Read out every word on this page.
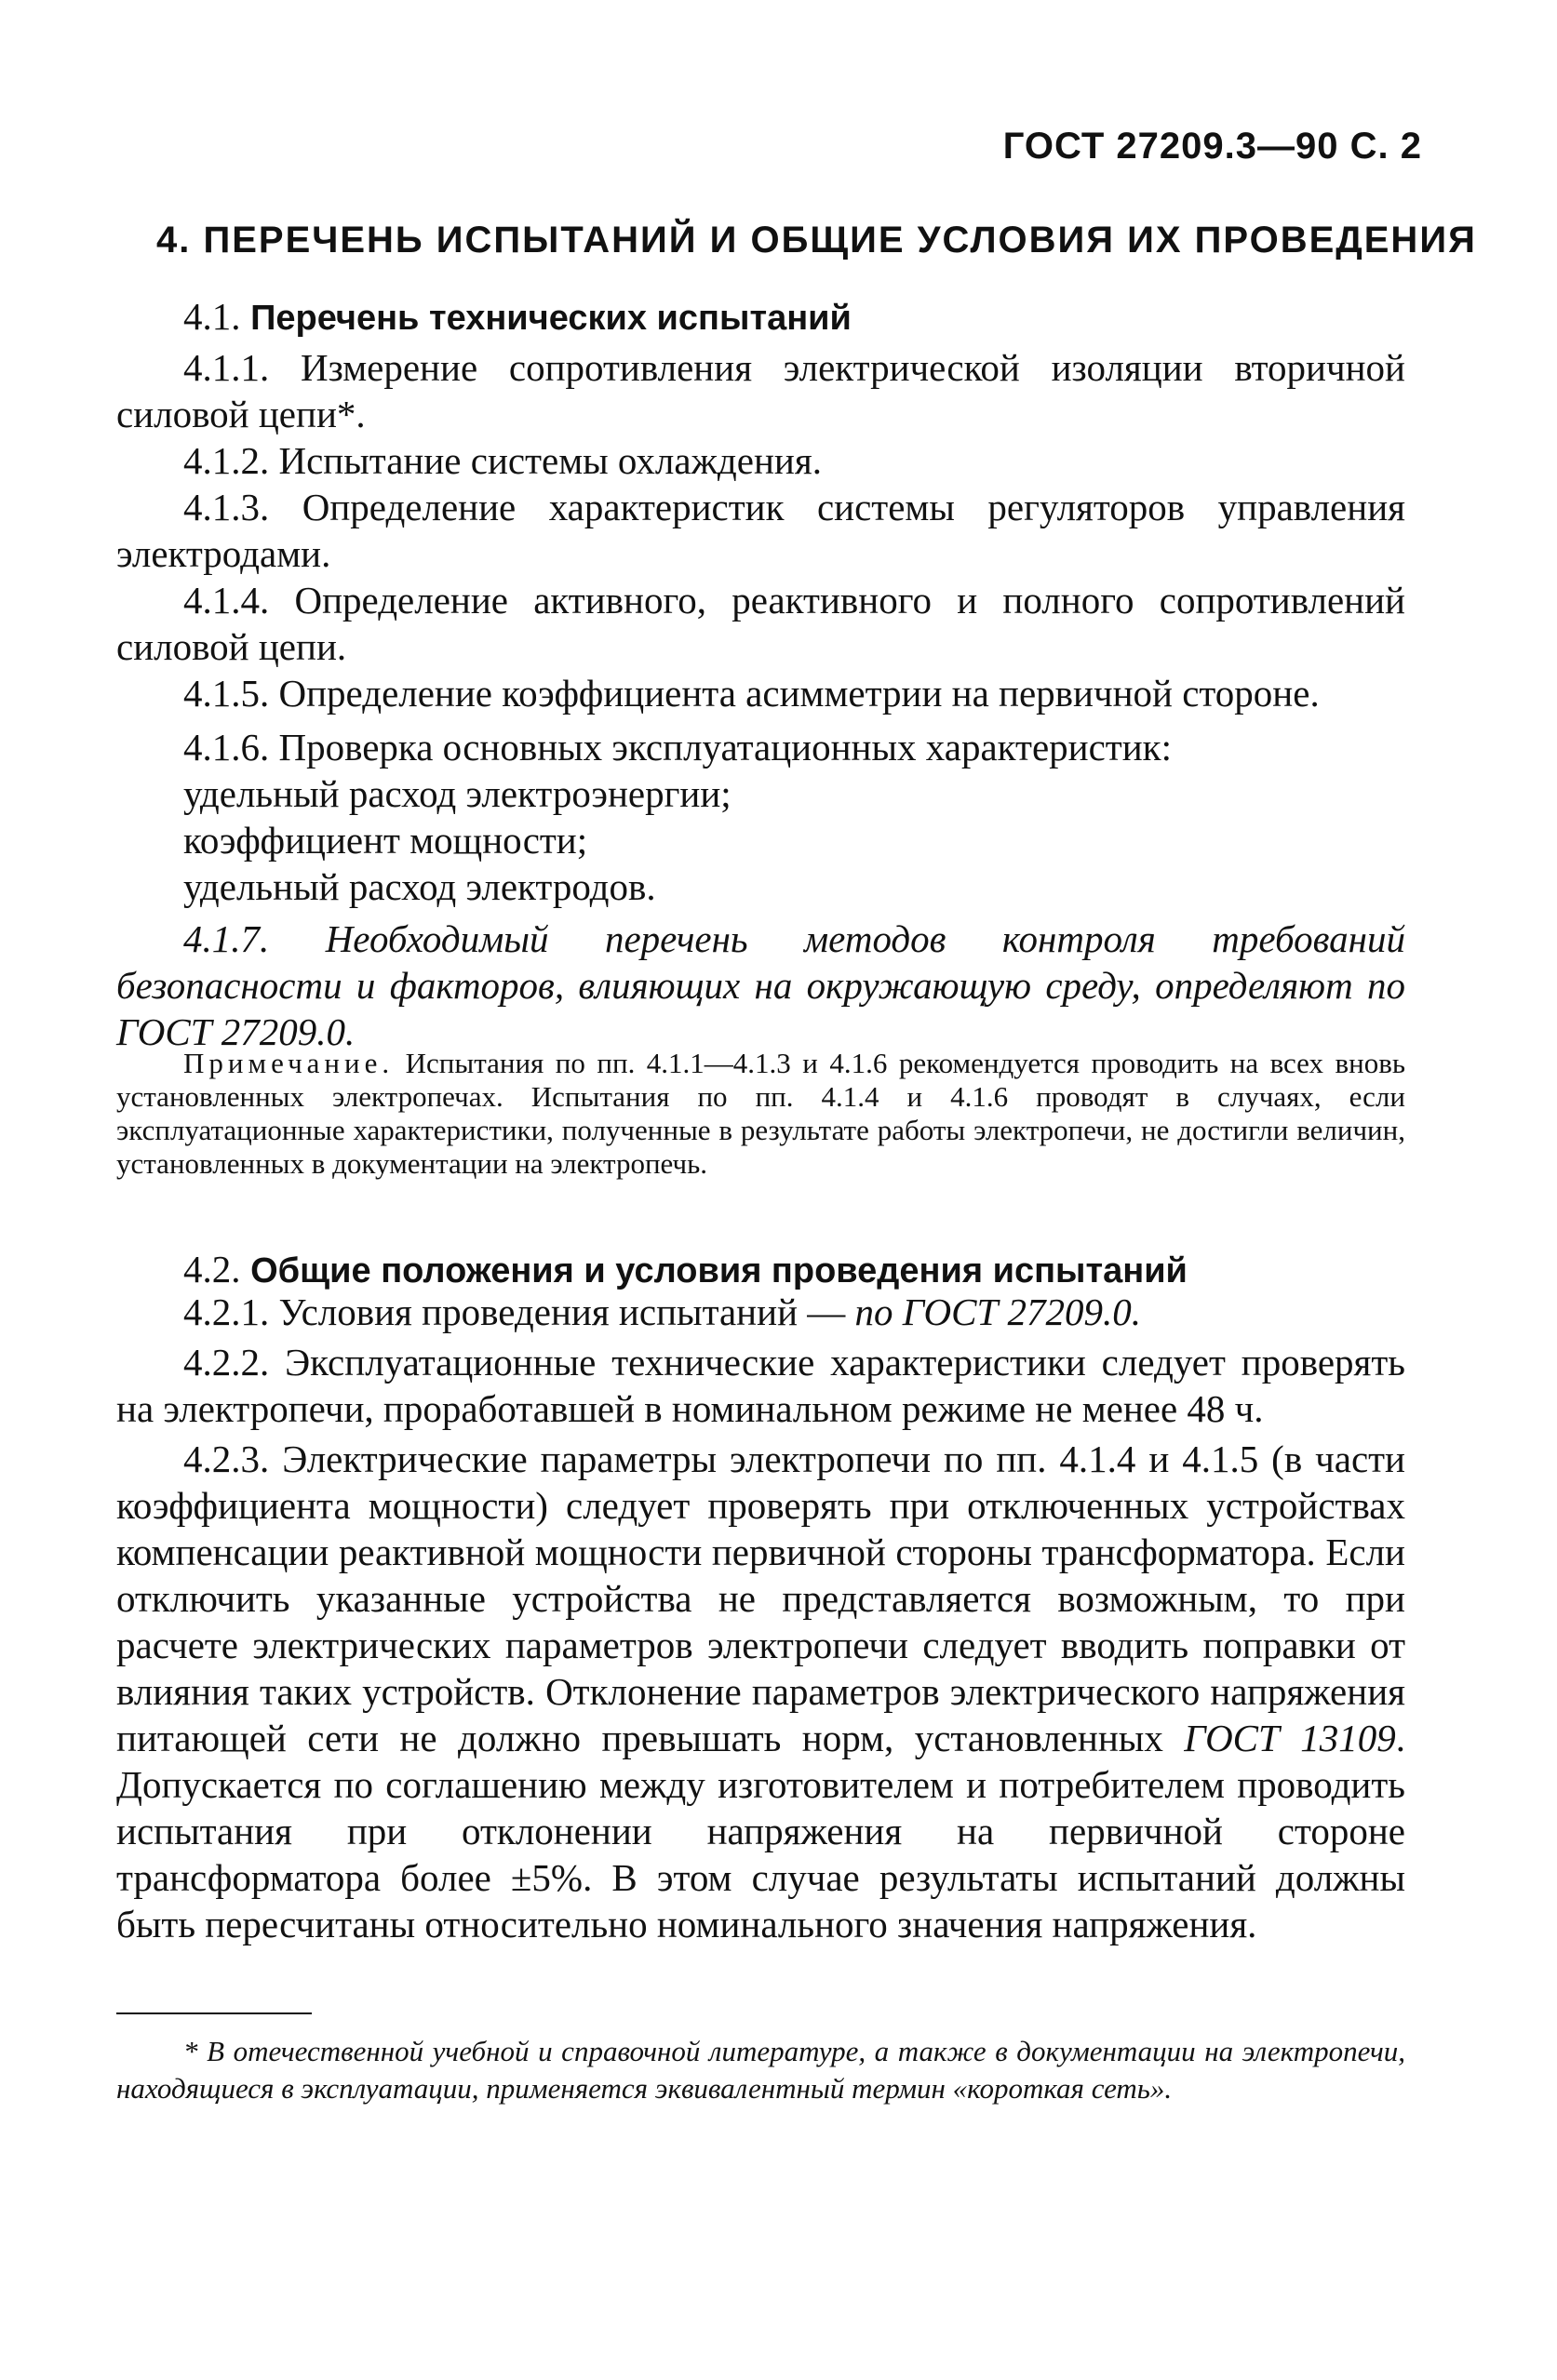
ГОСТ 27209.3—90 С. 2
4. ПЕРЕЧЕНЬ ИСПЫТАНИЙ И ОБЩИЕ УСЛОВИЯ ИХ ПРОВЕДЕНИЯ
4.1. Перечень технических испытаний

4.1.1. Измерение сопротивления электрической изоляции вторичной силовой цепи*.

4.1.2. Испытание системы охлаждения.

4.1.3. Определение характеристик системы регуляторов управления электродами.

4.1.4. Определение активного, реактивного и полного сопротивлений силовой цепи.

4.1.5. Определение коэффициента асимметрии на первичной стороне.

4.1.6. Проверка основных эксплуатационных характеристик:

удельный расход электроэнергии;

коэффициент мощности;

удельный расход электродов.

4.1.7. Необходимый перечень методов контроля требований безопасности и факторов, влияющих на окружающую среду, определяют по ГОСТ 27209.0.

Примечание. Испытания по пп. 4.1.1—4.1.3 и 4.1.6 рекомендуется проводить на всех вновь установленных электропечах. Испытания по пп. 4.1.4 и 4.1.6 проводят в случаях, если эксплуатационные характеристики, полученные в результате работы электропечи, не достигли величин, установленных в документации на электропечь.

4.2. Общие положения и условия проведения испытаний

4.2.1. Условия проведения испытаний — по ГОСТ 27209.0.

4.2.2. Эксплуатационные технические характеристики следует проверять на электропечи, проработавшей в номинальном режиме не менее 48 ч.

4.2.3. Электрические параметры электропечи по пп. 4.1.4 и 4.1.5 (в части коэффициента мощности) следует проверять при отключенных устройствах компенсации реактивной мощности первичной стороны трансформатора. Если отключить указанные устройства не представляется возможным, то при расчете электрических параметров электропечи следует вводить поправки от влияния таких устройств. Отклонение параметров электрического напряжения питающей сети не должно превышать норм, установленных ГОСТ 13109. Допускается по соглашению между изготовителем и потребителем проводить испытания при отклонении напряжения на первичной стороне трансформатора более ±5%. В этом случае результаты испытаний должны быть пересчитаны относительно номинального значения напряжения.

* В отечественной учебной и справочной литературе, а также в документации на электропечи, находящиеся в эксплуатации, применяется эквивалентный термин «короткая сеть».
